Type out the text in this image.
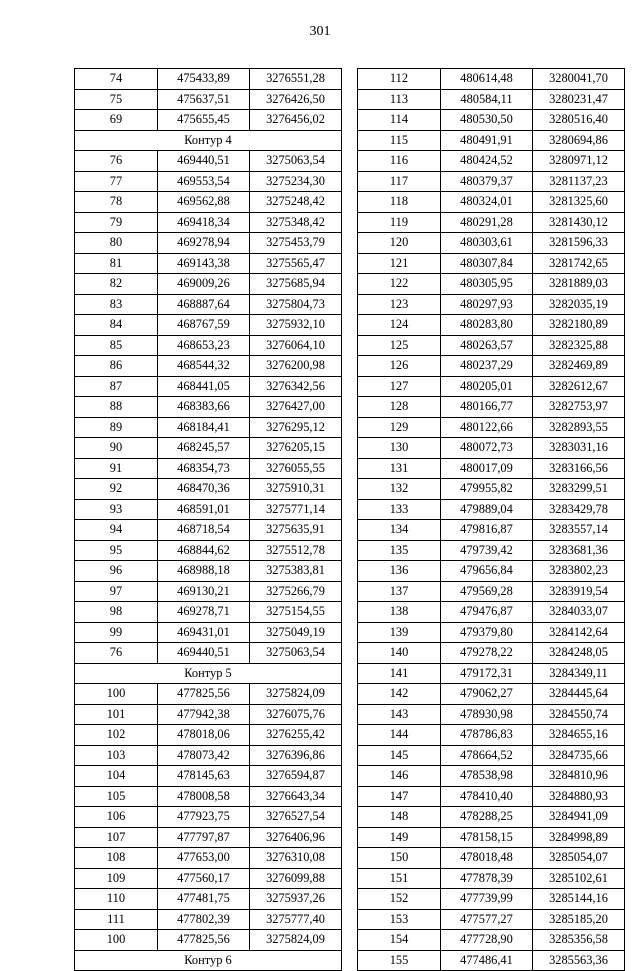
301
74	475433,89	3276551,28
75	475637,51	3276426,50
69	475655,45	3276456,02
Контур 4		
76	469440,51	3275063,54
77	469553,54	3275234,30
78	469562,88	3275248,42
79	469418,34	3275348,42
80	469278,94	3275453,79
81	469143,38	3275565,47
82	469009,26	3275685,94
83	468887,64	3275804,73
84	468767,59	3275932,10
85	468653,23	3276064,10
86	468544,32	3276200,98
87	468441,05	3276342,56
88	468383,66	3276427,00
89	468184,41	3276295,12
90	468245,57	3276205,15
91	468354,73	3276055,55
92	468470,36	3275910,31
93	468591,01	3275771,14
94	468718,54	3275635,91
95	468844,62	3275512,78
96	468988,18	3275383,81
97	469130,21	3275266,79
98	469278,71	3275154,55
99	469431,01	3275049,19
76	469440,51	3275063,54
Контур 5		
100	477825,56	3275824,09
101	477942,38	3276075,76
102	478018,06	3276255,42
103	478073,42	3276396,86
104	478145,63	3276594,87
105	478008,58	3276643,34
106	477923,75	3276527,54
107	477797,87	3276406,96
108	477653,00	3276310,08
109	477560,17	3276099,88
110	477481,75	3275937,26
111	477802,39	3275777,40
100	477825,56	3275824,09
Контур 6		
112	480614,48	3280041,70
113	480584,11	3280231,47
114	480530,50	3280516,40
115	480491,91	3280694,86
116	480424,52	3280971,12
117	480379,37	3281137,23
118	480324,01	3281325,60
119	480291,28	3281430,12
120	480303,61	3281596,33
121	480307,84	3281742,65
122	480305,95	3281889,03
123	480297,93	3282035,19
124	480283,80	3282180,89
125	480263,57	3282325,88
126	480237,29	3282469,89
127	480205,01	3282612,67
128	480166,77	3282753,97
129	480122,66	3282893,55
130	480072,73	3283031,16
131	480017,09	3283166,56
132	479955,82	3283299,51
133	479889,04	3283429,78
134	479816,87	3283557,14
135	479739,42	3283681,36
136	479656,84	3283802,23
137	479569,28	3283919,54
138	479476,87	3284033,07
139	479379,80	3284142,64
140	479278,22	3284248,05
141	479172,31	3284349,11
142	479062,27	3284445,64
143	478930,98	3284550,74
144	478786,83	3284655,16
145	478664,52	3284735,66
146	478538,98	3284810,96
147	478410,40	3284880,93
148	478288,25	3284941,09
149	478158,15	3284998,89
150	478018,48	3285054,07
151	477878,39	3285102,61
152	477739,99	3285144,16
153	477577,27	3285185,20
154	477728,90	3285356,58
155	477486,41	3285563,36
